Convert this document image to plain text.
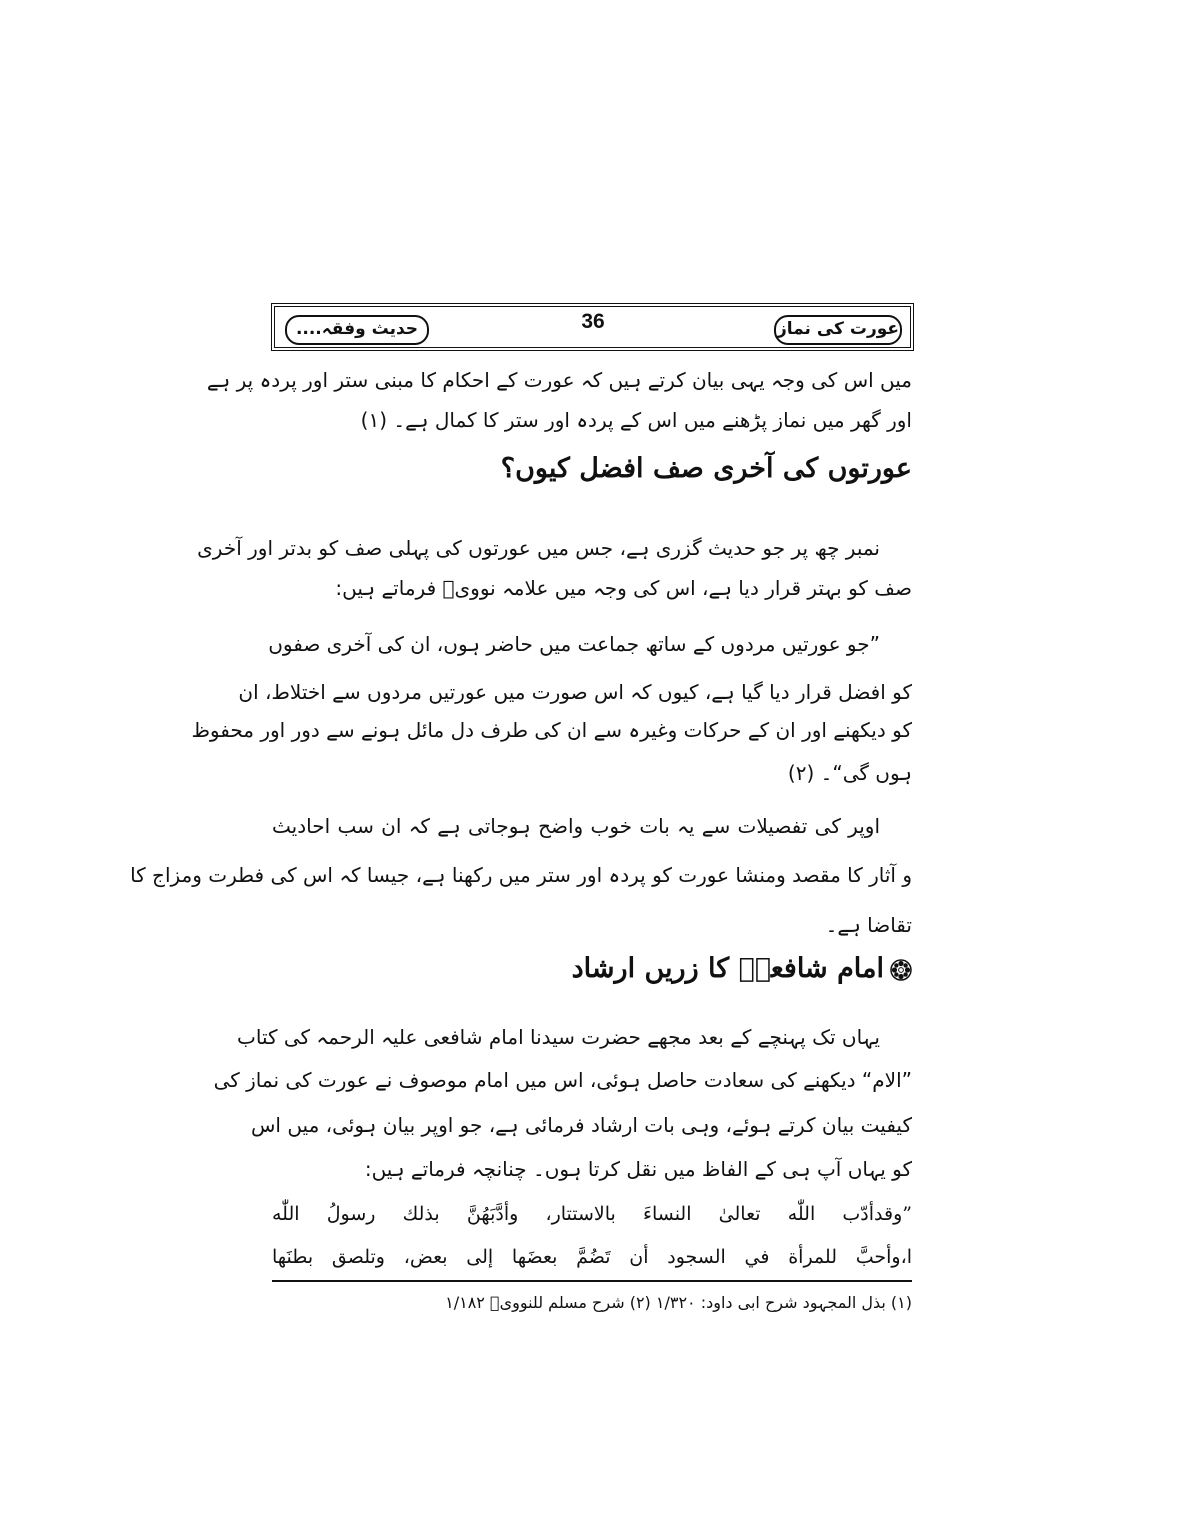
عورت کی نماز
36
حدیث وفقہ....
میں اس کی وجہ یہی بیان کرتے ہیں کہ عورت کے احکام کا مبنی ستر اور پردہ پر ہے
اور گھر میں نماز پڑھنے میں اس کے پردہ اور ستر کا کمال ہے۔ (۱)
عورتوں کی آخری صف افضل کیوں؟
نمبر چھ پر جو حدیث گزری ہے، جس میں عورتوں کی پہلی صف کو بدتر اور آخری
صف کو بہتر قرار دیا ہے، اس کی وجہ میں علامہ نوویؒ فرماتے ہیں:
”جو عورتیں مردوں کے ساتھ جماعت میں حاضر ہوں، ان کی آخری صفوں
کو افضل قرار دیا گیا ہے، کیوں کہ اس صورت میں عورتیں مردوں سے اختلاط، ان
کو دیکھنے اور ان کے حرکات وغیرہ سے ان کی طرف دل مائل ہونے سے دور اور محفوظ
ہوں گی“۔ (۲)
اوپر کی تفصیلات سے یہ بات خوب واضح ہوجاتی ہے کہ ان سب احادیث
و آثار کا مقصد ومنشا عورت کو پردہ اور ستر میں رکھنا ہے، جیسا کہ اس کی فطرت ومزاج کا
تقاضا ہے۔
امام شافعیؒ کا زریں ارشاد
یہاں تک پہنچے کے بعد مجھے حضرت سیدنا امام شافعی علیہ الرحمہ کی کتاب
”الام“ دیکھنے کی سعادت حاصل ہوئی، اس میں امام موصوف نے عورت کی نماز کی
کیفیت بیان کرتے ہوئے، وہی بات ارشاد فرمائی ہے، جو اوپر بیان ہوئی، میں اس
کو یہاں آپ ہی کے الفاظ میں نقل کرتا ہوں۔ چنانچہ فرماتے ہیں:
”وقدأدّب اللّٰه تعالىٰ النساءَ بالاستتار، وأدَّبَهُنَّ بذلك رسولُ اللّٰه
ا،وأحبَّ للمرأة في السجود أن تَضُمَّ بعضَها إلى بعض، وتلصق بطنَها
(۱) بذل المجہود شرح ابی داود: ۱/۳۲۰ (۲) شرح مسلم للنوویؒ ۱/۱۸۲
